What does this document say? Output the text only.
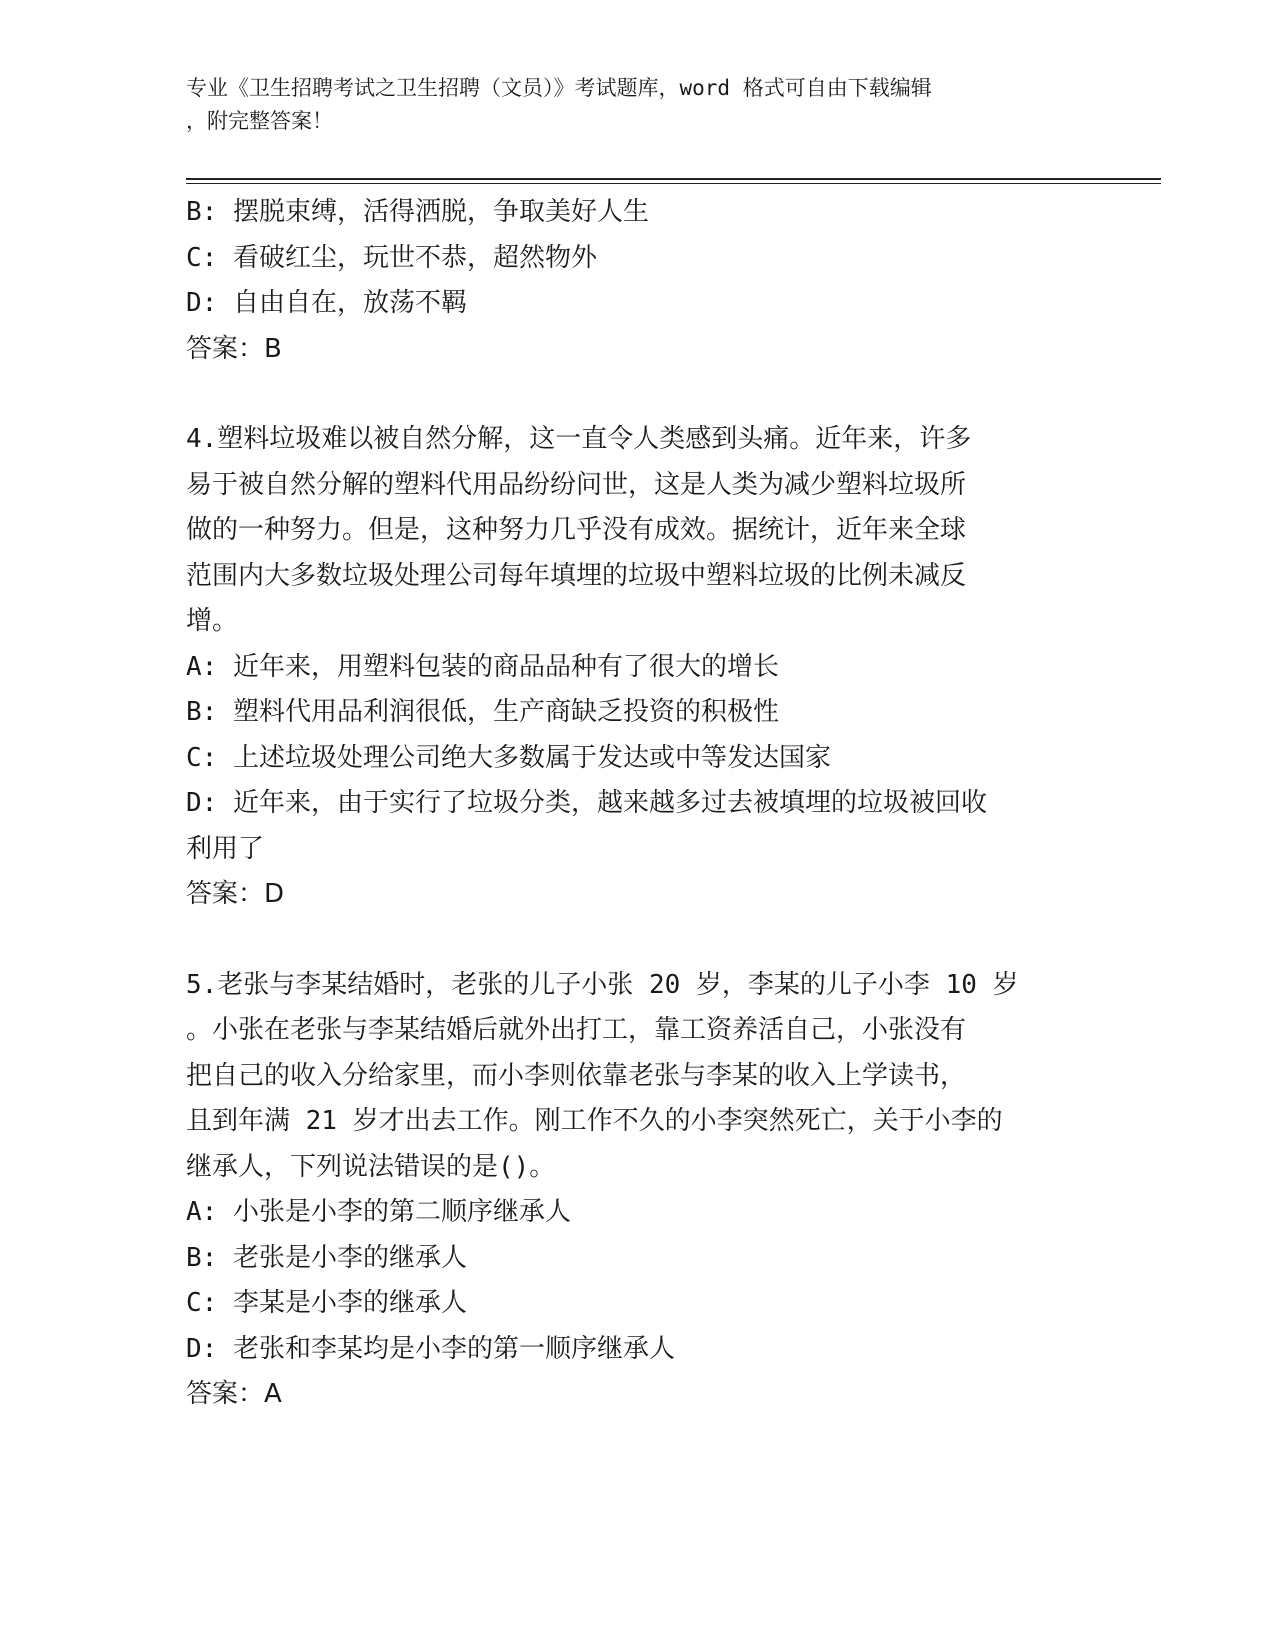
专业《卫生招聘考试之卫生招聘（文员）》考试题库，word 格式可自由下载编辑
，附完整答案！
B: 摆脱束缚，活得洒脱，争取美好人生
C: 看破红尘，玩世不恭，超然物外
D: 自由自在，放荡不羁
答案：B
4.塑料垃圾难以被自然分解，这一直令人类感到头痛。近年来，许多
易于被自然分解的塑料代用品纷纷问世，这是人类为减少塑料垃圾所
做的一种努力。但是，这种努力几乎没有成效。据统计，近年来全球
范围内大多数垃圾处理公司每年填埋的垃圾中塑料垃圾的比例未减反
增。
A: 近年来，用塑料包装的商品品种有了很大的增长
B: 塑料代用品利润很低，生产商缺乏投资的积极性
C: 上述垃圾处理公司绝大多数属于发达或中等发达国家
D: 近年来，由于实行了垃圾分类，越来越多过去被填埋的垃圾被回收
利用了
答案：D
5.老张与李某结婚时，老张的儿子小张 20 岁，李某的儿子小李 10 岁
。小张在老张与李某结婚后就外出打工，靠工资养活自己，小张没有
把自己的收入分给家里，而小李则依靠老张与李某的收入上学读书，
且到年满 21 岁才出去工作。刚工作不久的小李突然死亡，关于小李的
继承人，下列说法错误的是()。
A: 小张是小李的第二顺序继承人
B: 老张是小李的继承人
C: 李某是小李的继承人
D: 老张和李某均是小李的第一顺序继承人
答案：A
